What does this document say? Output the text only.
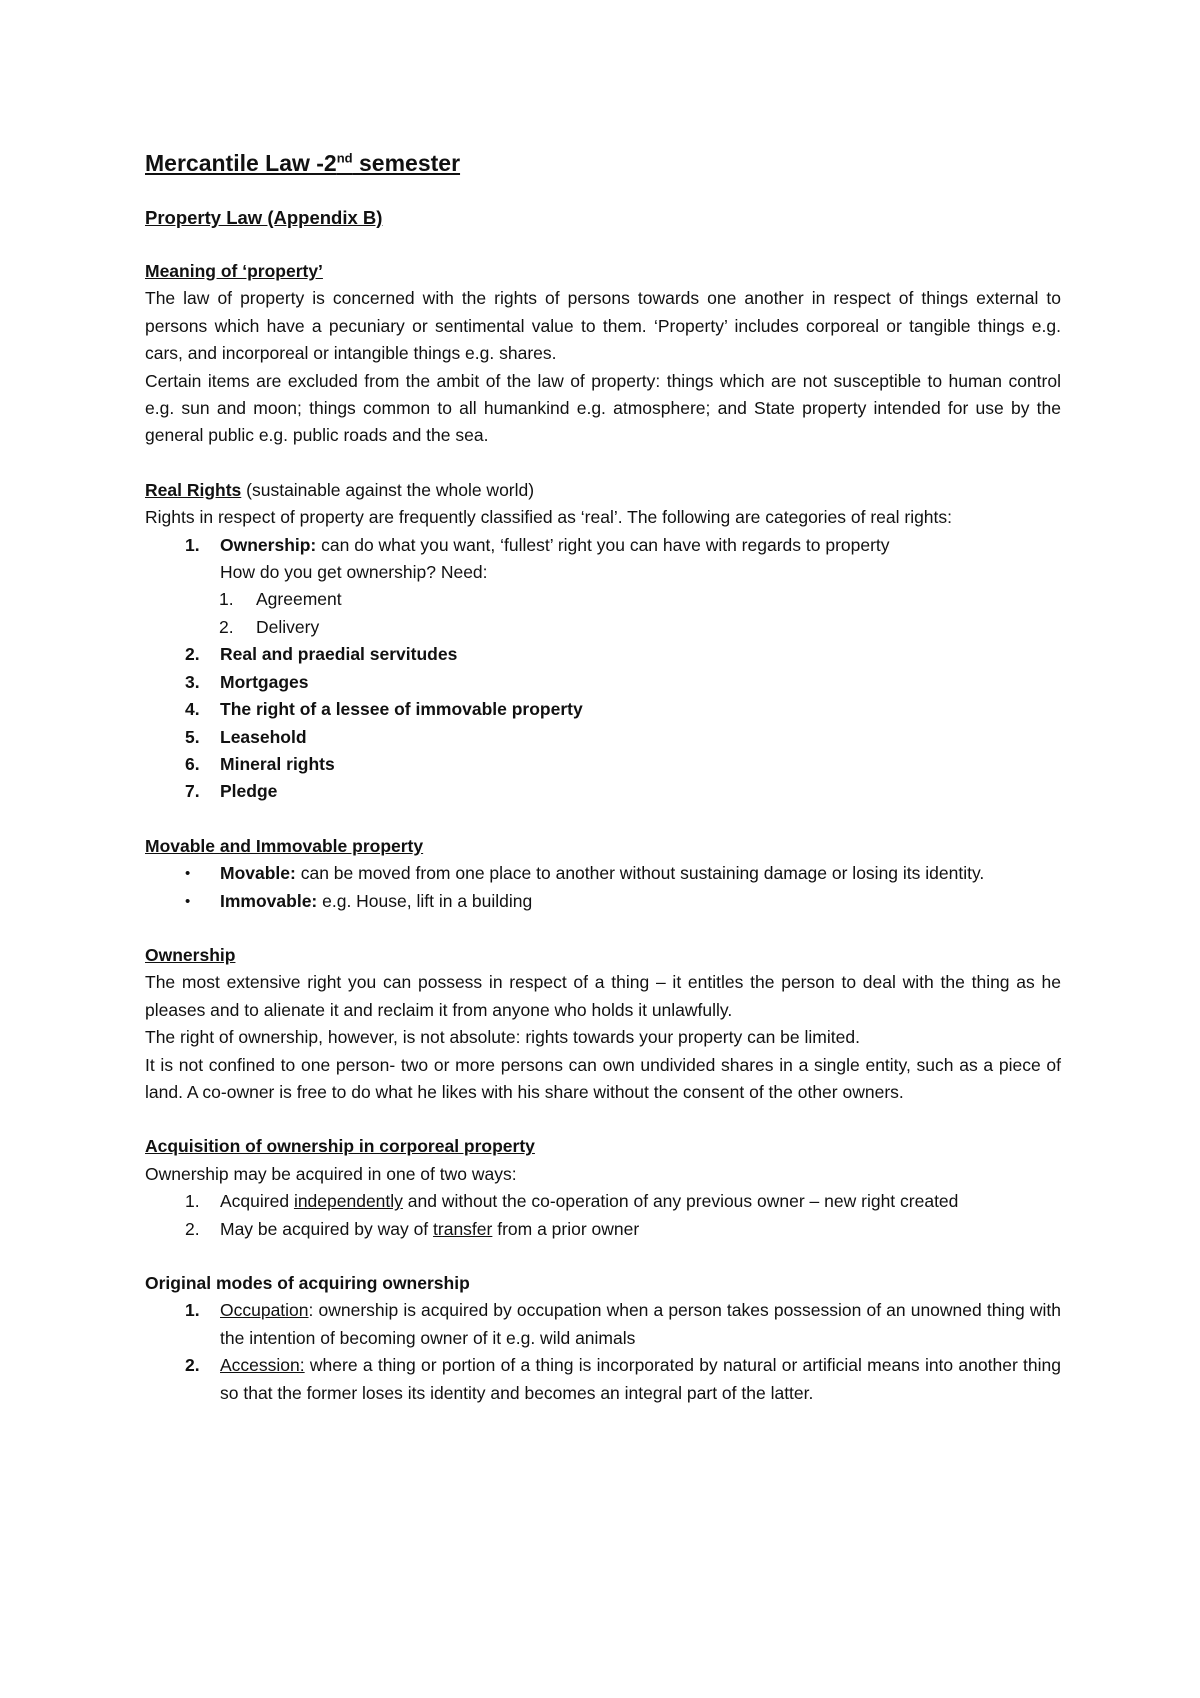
Mercantile Law -2nd semester
Property Law (Appendix B)
Meaning of ‘property’

The law of property is concerned with the rights of persons towards one another in respect of things external to persons which have a pecuniary or sentimental value to them. ‘Property’ includes corporeal or tangible things e.g. cars, and incorporeal or intangible things e.g. shares.

Certain items are excluded from the ambit of the law of property: things which are not susceptible to human control e.g. sun and moon; things common to all humankind e.g. atmosphere; and State property intended for use by the general public e.g. public roads and the sea.

Real Rights (sustainable against the whole world)

Rights in respect of property are frequently classified as ‘real’. The following are categories of real rights:

1.	Ownership: can do what you want, ‘fullest’ right you can have with regards to property
How do you get ownership? Need:
1. Agreement
2. Delivery
2.	Real and praedial servitudes
3.	Mortgages
4.	The right of a lessee of immovable property
5.	Leasehold
6.	Mineral rights
7.	Pledge
Movable and Immovable property
• Movable: can be moved from one place to another without sustaining damage or losing its identity.
• Immovable: e.g. House, lift in a building
Ownership

The most extensive right you can possess in respect of a thing – it entitles the person to deal with the thing as he pleases and to alienate it and reclaim it from anyone who holds it unlawfully.

The right of ownership, however, is not absolute: rights towards your property can be limited.

It is not confined to one person- two or more persons can own undivided shares in a single entity, such as a piece of land. A co-owner is free to do what he likes with his share without the consent of the other owners.

Acquisition of ownership in corporeal property

Ownership may be acquired in one of two ways:

1.	Acquired independently and without the co-operation of any previous owner – new right created
2.	May be acquired by way of transfer from a prior owner
Original modes of acquiring ownership
1.	Occupation: ownership is acquired by occupation when a person takes possession of an unowned thing with the intention of becoming owner of it e.g. wild animals
2.	Accession: where a thing or portion of a thing is incorporated by natural or artificial means into another thing so that the former loses its identity and becomes an integral part of the latter.
